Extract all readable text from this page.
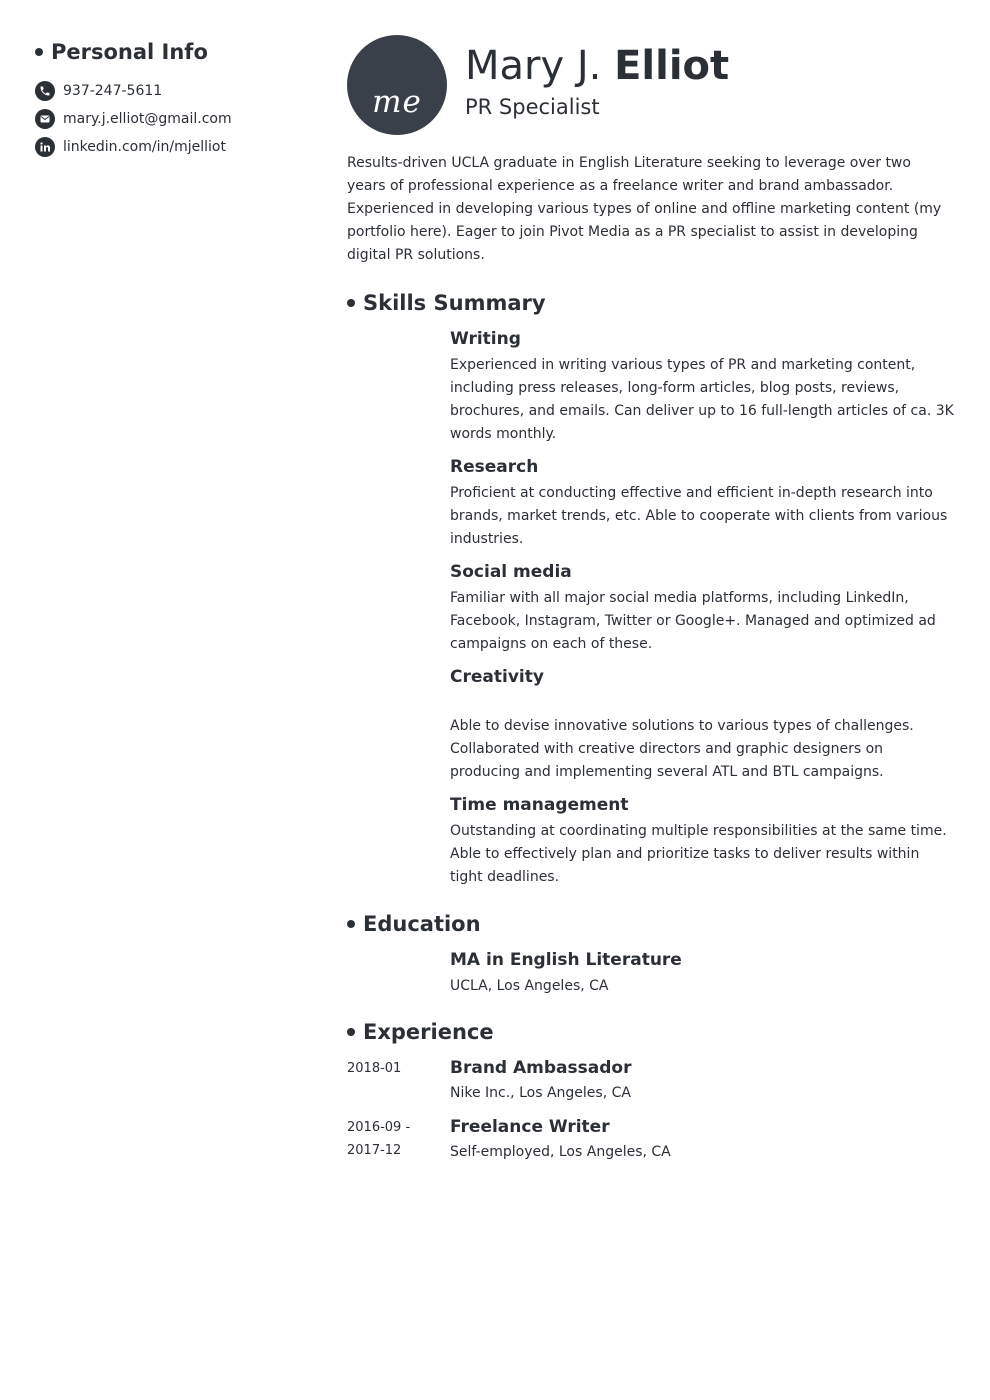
Personal Info
937-247-5611
mary.j.elliot@gmail.com
linkedin.com/in/mjelliot
me
Mary J. Elliot
PR Specialist
Results-driven UCLA graduate in English Literature seeking to leverage over two years of professional experience as a freelance writer and brand ambassador. Experienced in developing various types of online and offline marketing content (my portfolio here). Eager to join Pivot Media as a PR specialist to assist in developing digital PR solutions.
Skills Summary
Writing
Experienced in writing various types of PR and marketing content, including press releases, long-form articles, blog posts, reviews, brochures, and emails. Can deliver up to 16 full-length articles of ca. 3K words monthly.
Research
Proficient at conducting effective and efficient in-depth research into brands, market trends, etc. Able to cooperate with clients from various industries.
Social media
Familiar with all major social media platforms, including LinkedIn, Facebook, Instagram, Twitter or Google+. Managed and optimized ad campaigns on each of these.
Creativity
Able to devise innovative solutions to various types of challenges. Collaborated with creative directors and graphic designers on producing and implementing several ATL and BTL campaigns.
Time management
Outstanding at coordinating multiple responsibilities at the same time. Able to effectively plan and prioritize tasks to deliver results within tight deadlines.
Education
MA in English Literature
UCLA, Los Angeles, CA
Experience
2018-01	Brand Ambassador
Nike Inc., Los Angeles, CA
2016-09 - 2017-12
Freelance Writer
Self-employed, Los Angeles, CA
